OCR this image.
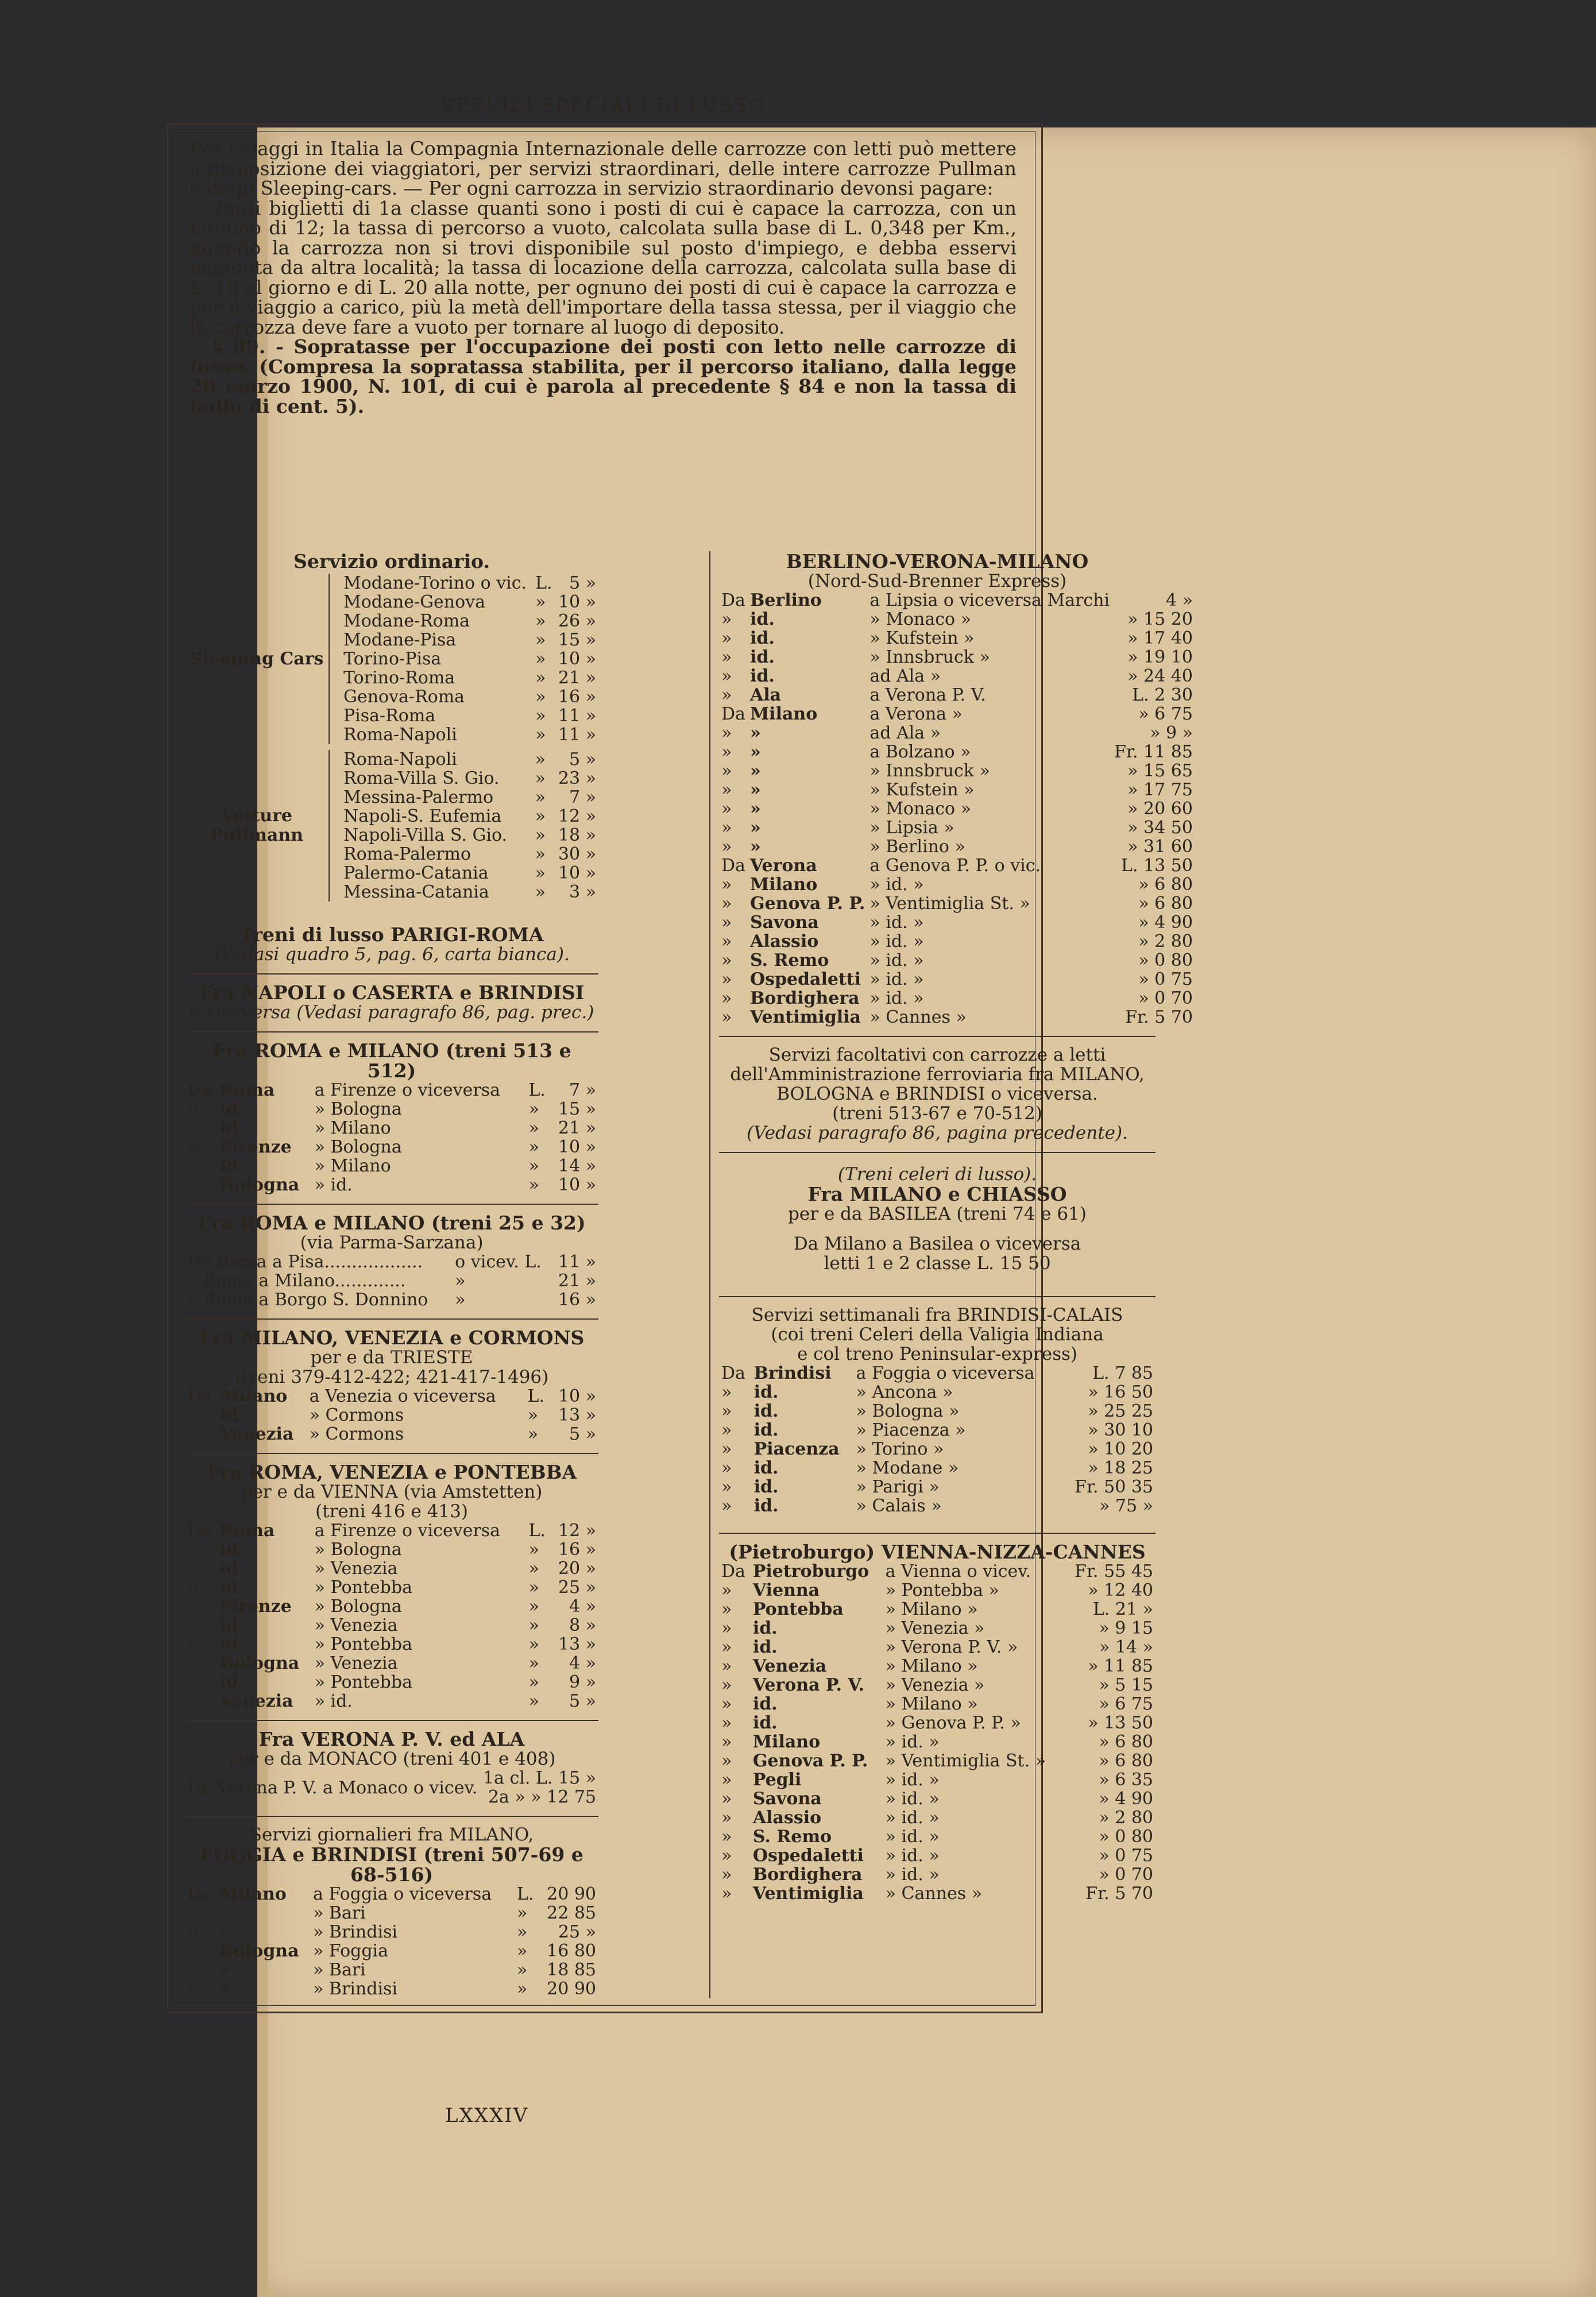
SERVIZI SPECIALI DI LUSSO

Per i viaggi in Italia la Compagnia Internazionale delle carrozze con letti può mettere a disposizione dei viaggiatori, per servizi straordinari, delle intere carrozze Pullman e degli Sleeping-cars. — Per ogni carrozza in servizio straordinario devonsi pagare:

Tanti biglietti di 1a classe quanti sono i posti di cui è capace la carrozza, con un minimo di 12; la tassa di percorso a vuoto, calcolata sulla base di L. 0,348 per Km., quando la carrozza non si trovi disponibile sul posto d'impiego, e debba esservi mandata da altra località; la tassa di locazione della carrozza, calcolata sulla base di L. 10 al giorno e di L. 20 alla notte, per ognuno dei posti di cui è capace la carrozza e per il viaggio a carico, più la metà dell'importare della tassa stessa, per il viaggio che la carrozza deve fare a vuoto per tornare al luogo di deposito.

§ 89. - Sopratasse per l'occupazione dei posti con letto nelle carrozze di lusso. (Compresa la sopratassa stabilita, per il percorso italiano, dalla legge 20 marzo 1900, N. 101, di cui è parola al precedente § 84 e non la tassa di bollo di cent. 5).

Servizio ordinario.
Sleeping Cars
Modane-Torino o vic.	L.	5 »
Modane-Genova	»	10 »
Modane-Roma	»	26 »
Modane-Pisa	»	15 »
Torino-Pisa	»	10 »
Torino-Roma	»	21 »
Genova-Roma	»	16 »
Pisa-Roma	»	11 »
Roma-Napoli	»	11 »
Vetture Pullmann
Roma-Napoli	»	5 »
Roma-Villa S. Gio.	»	23 »
Messina-Palermo	»	7 »
Napoli-S. Eufemia	»	12 »
Napoli-Villa S. Gio.	»	18 »
Roma-Palermo	»	30 »
Palermo-Catania	»	10 »
Messina-Catania	»	3 »
Treni di lusso PARIGI-ROMA
(Vedasi quadro 5, pag. 6, carta bianca).
Fra NAPOLI o CASERTA e BRINDISI
o viceversa (Vedasi paragrafo 86, pag. prec.)
Fra ROMA e MILANO (treni 513 e 512)
Da	Roma	a Firenze o viceversa	L.	7 »
»	id.	» Bologna	»	15 »
»	id.	» Milano	»	21 »
»	Firenze	» Bologna	»	10 »
»	id.	» Milano	»	14 »
»	Bologna	» id.	»	10 »
Fra ROMA e MILANO (treni 25 e 32)
(via Parma-Sarzana)
Da Roma a Pisa..................	o vicev. L.	11 »
» Roma a Milano.............	»	21 »
» Roma a Borgo S. Donnino	»	16 »
Fra MILANO, VENEZIA e CORMONS
per e da TRIESTE
(treni 379-412-422; 421-417-1496)
Da	Milano	a Venezia o viceversa	L.	10 »
»	id.	» Cormons	»	13 »
»	Venezia	» Cormons	»	5 »
Fra ROMA, VENEZIA e PONTEBBA
per e da VIENNA (via Amstetten)
(treni 416 e 413)
Da	Roma	a Firenze o viceversa	L.	12 »
»	id.	» Bologna	»	16 »
»	id.	» Venezia	»	20 »
»	id.	» Pontebba	»	25 »
»	Firenze	» Bologna	»	4 »
»	id.	» Venezia	»	8 »
»	id.	» Pontebba	»	13 »
»	Bologna	» Venezia	»	4 »
»	id.	» Pontebba	»	9 »
»	Venezia	» id.	»	5 »
Fra VERONA P. V. ed ALA
per e da MONACO (treni 401 e 408)
Da Verona P. V. a Monaco o vicev.	1a cl. L. 15 »
2a » » 12 75
Servizi giornalieri fra MILANO,
FOGGIA e BRINDISI (treni 507-69 e 68-516)
Da	Milano	a Foggia o viceversa	L.	20 90
»	»	» Bari	»	22 85
»	»	» Brindisi	»	25 »
»	Bologna	» Foggia	»	16 80
»	»	» Bari	»	18 85
»	»	» Brindisi	»	20 90
BERLINO-VERONA-MILANO
(Nord-Sud-Brenner Express)
Da	Berlino	a Lipsia o viceversa Marchi	4 »
»	id.	» Monaco »	» 15 20
»	id.	» Kufstein »	» 17 40
»	id.	» Innsbruck »	» 19 10
»	id.	ad Ala »	» 24 40
»	Ala	a Verona P. V.	L. 2 30
Da	Milano	a Verona »	» 6 75
»	»	ad Ala »	» 9 »
»	»	a Bolzano »	Fr. 11 85
»	»	» Innsbruck »	» 15 65
»	»	» Kufstein »	» 17 75
»	»	» Monaco »	» 20 60
»	»	» Lipsia »	» 34 50
»	»	» Berlino »	» 31 60
Da	Verona	a Genova P. P. o vic.	L. 13 50
»	Milano	» id. »	» 6 80
»	Genova P. P.	» Ventimiglia St. »	» 6 80
»	Savona	» id. »	» 4 90
»	Alassio	» id. »	» 2 80
»	S. Remo	» id. »	» 0 80
»	Ospedaletti	» id. »	» 0 75
»	Bordighera	» id. »	» 0 70
»	Ventimiglia	» Cannes »	Fr. 5 70
Servizi facoltativi con carrozze a letti dell'Amministrazione ferroviaria fra MILANO, BOLOGNA e BRINDISI o viceversa.
(treni 513-67 e 70-512)
(Vedasi paragrafo 86, pagina precedente).
(Treni celeri di lusso).
Fra MILANO e CHIASSO
per e da BASILEA (treni 74 e 61)
Da Milano a Basilea o viceversa
letti 1 e 2 classe L. 15 50
Servizi settimanali fra BRINDISI-CALAIS
(coi treni Celeri della Valigia Indiana
e col treno Peninsular-express)
Da	Brindisi	a Foggia o viceversa	L. 7 85
»	id.	» Ancona »	» 16 50
»	id.	» Bologna »	» 25 25
»	id.	» Piacenza »	» 30 10
»	Piacenza	» Torino »	» 10 20
»	id.	» Modane »	» 18 25
»	id.	» Parigi »	Fr. 50 35
»	id.	» Calais »	» 75 »
(Pietroburgo) VIENNA-NIZZA-CANNES
Da	Pietroburgo	a Vienna o vicev.	Fr. 55 45
»	Vienna	» Pontebba »	» 12 40
»	Pontebba	» Milano »	L. 21 »
»	id.	» Venezia »	» 9 15
»	id.	» Verona P. V. »	» 14 »
»	Venezia	» Milano »	» 11 85
»	Verona P. V.	» Venezia »	» 5 15
»	id.	» Milano »	» 6 75
»	id.	» Genova P. P. »	» 13 50
»	Milano	» id. »	» 6 80
»	Genova P. P.	» Ventimiglia St. »	» 6 80
»	Pegli	» id. »	» 6 35
»	Savona	» id. »	» 4 90
»	Alassio	» id. »	» 2 80
»	S. Remo	» id. »	» 0 80
»	Ospedaletti	» id. »	» 0 75
»	Bordighera	» id. »	» 0 70
»	Ventimiglia	» Cannes »	Fr. 5 70
LXXXIV
